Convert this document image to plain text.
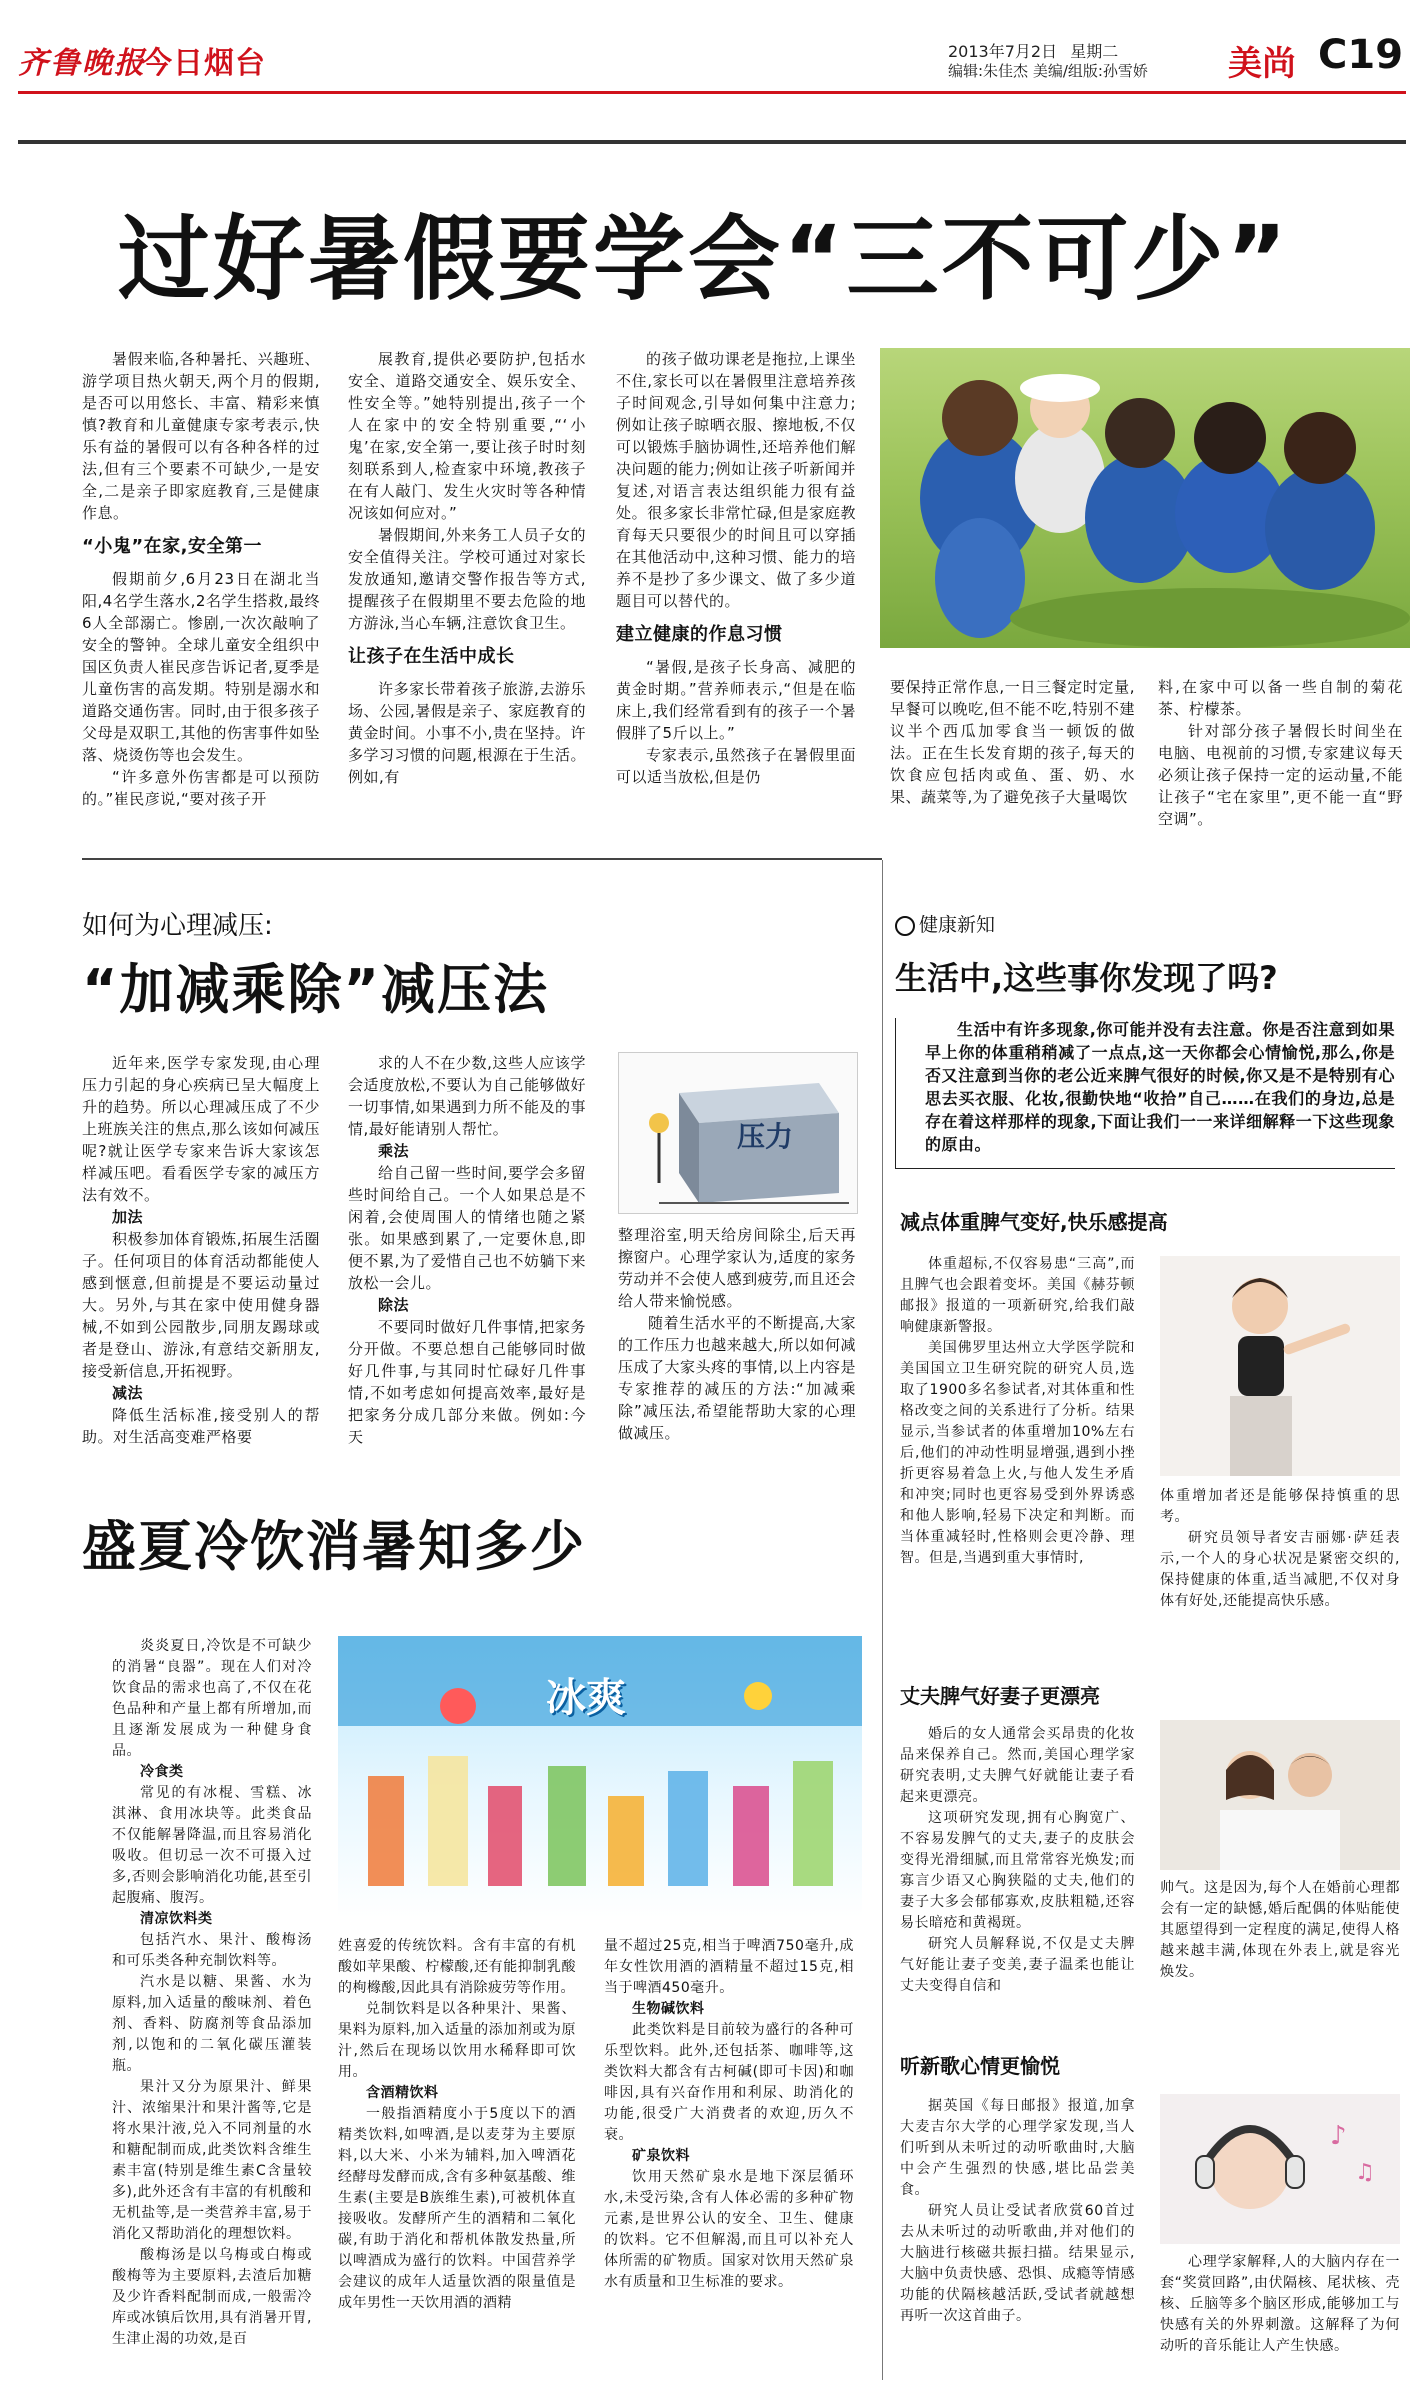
齐鲁晚报
今日烟台	2013年7月2日 星期二
编辑:朱佳杰 美编/组版:孙雪娇 美尚 C19
过好暑假要学会“三不可少”

暑假来临,各种暑托、兴趣班、游学项目热火朝天,两个月的假期,是否可以用悠长、丰富、精彩来慎慎?教育和儿童健康专家考表示,快乐有益的暑假可以有各种各样的过法,但有三个要素不可缺少,一是安全,二是亲子即家庭教育,三是健康作息。

“小鬼”在家,安全第一

假期前夕,6月23日在湖北当阳,4名学生落水,2名学生搭救,最终6人全部溺亡。惨剧,一次次敲响了安全的警钟。全球儿童安全组织中国区负责人崔民彦告诉记者,夏季是儿童伤害的高发期。特别是溺水和道路交通伤害。同时,由于很多孩子父母是双职工,其他的伤害事件如坠落、烧烫伤等也会发生。

“许多意外伤害都是可以预防的。”崔民彦说,“要对孩子开

展教育,提供必要防护,包括水安全、道路交通安全、娱乐安全、性安全等。”她特别提出,孩子一个人在家中的安全特别重要,“‘小鬼’在家,安全第一,要让孩子时时刻刻联系到人,检查家中环境,教孩子在有人敲门、发生火灾时等各种情况该如何应对。”

暑假期间,外来务工人员子女的安全值得关注。学校可通过对家长发放通知,邀请交警作报告等方式,提醒孩子在假期里不要去危险的地方游泳,当心车辆,注意饮食卫生。

让孩子在生活中成长

许多家长带着孩子旅游,去游乐场、公园,暑假是亲子、家庭教育的黄金时间。小事不小,贵在坚持。许多学习习惯的问题,根源在于生活。例如,有

的孩子做功课老是拖拉,上课坐不住,家长可以在暑假里注意培养孩子时间观念,引导如何集中注意力;例如让孩子晾晒衣服、擦地板,不仅可以锻炼手脑协调性,还培养他们解决问题的能力;例如让孩子听新闻并复述,对语言表达组织能力很有益处。很多家长非常忙碌,但是家庭教育每天只要很少的时间且可以穿插在其他活动中,这种习惯、能力的培养不是抄了多少课文、做了多少道题目可以替代的。

建立健康的作息习惯

“暑假,是孩子长身高、减肥的黄金时期。”营养师表示,“但是在临床上,我们经常看到有的孩子一个暑假胖了5斤以上。”

专家表示,虽然孩子在暑假里面可以适当放松,但是仍

要保持正常作息,一日三餐定时定量,早餐可以晚吃,但不能不吃,特别不建议半个西瓜加零食当一顿饭的做法。正在生长发育期的孩子,每天的饮食应包括肉或鱼、蛋、奶、水果、蔬菜等,为了避免孩子大量喝饮

料,在家中可以备一些自制的菊花茶、柠檬茶。

针对部分孩子暑假长时间坐在电脑、电视前的习惯,专家建议每天必须让孩子保持一定的运动量,不能让孩子“宅在家里”,更不能一直“野空调”。

如何为心理减压:
“加减乘除”减压法

近年来,医学专家发现,由心理压力引起的身心疾病已呈大幅度上升的趋势。所以心理减压成了不少上班族关注的焦点,那么该如何减压呢?就让医学专家来告诉大家该怎样减压吧。看看医学专家的减压方法有效不。

加法

积极参加体育锻炼,拓展生活圈子。任何项目的体育活动都能使人感到惬意,但前提是不要运动量过大。另外,与其在家中使用健身器械,不如到公园散步,同朋友踢球或者是登山、游泳,有意结交新朋友,接受新信息,开拓视野。

减法

降低生活标准,接受别人的帮助。对生活高变难严格要

求的人不在少数,这些人应该学会适度放松,不要认为自己能够做好一切事情,如果遇到力所不能及的事情,最好能请别人帮忙。

乘法

给自己留一些时间,要学会多留些时间给自己。一个人如果总是不闲着,会使周围人的情绪也随之紧张。如果感到累了,一定要休息,即便不累,为了爱惜自己也不妨躺下来放松一会儿。

除法

不要同时做好几件事情,把家务分开做。不要总想自己能够同时做好几件事,与其同时忙碌好几件事情,不如考虑如何提高效率,最好是把家务分成几部分来做。例如:今天

压力

整理浴室,明天给房间除尘,后天再擦窗户。心理学家认为,适度的家务劳动并不会使人感到疲劳,而且还会给人带来愉悦感。

随着生活水平的不断提高,大家的工作压力也越来越大,所以如何减压成了大家头疼的事情,以上内容是专家推荐的减压的方法:“加减乘除”减压法,希望能帮助大家的心理做减压。

盛夏冷饮消暑知多少

炎炎夏日,冷饮是不可缺少的消暑“良器”。现在人们对冷饮食品的需求也高了,不仅在花色品种和产量上都有所增加,而且逐渐发展成为一种健身食品。

冷食类

常见的有冰棍、雪糕、冰淇淋、食用冰块等。此类食品不仅能解暑降温,而且容易消化吸收。但切忌一次不可摄入过多,否则会影响消化功能,甚至引起腹痛、腹泻。

清凉饮料类

包括汽水、果汁、酸梅汤和可乐类各种充制饮料等。

汽水是以糖、果酱、水为原料,加入适量的酸味剂、着色剂、香料、防腐剂等食品添加剂,以饱和的二氧化碳压灌装瓶。

果汁又分为原果汁、鲜果汁、浓缩果汁和果汁酱等,它是将水果汁液,兑入不同剂量的水和糖配制而成,此类饮料含维生素丰富(特别是维生素C含量较多),此外还含有丰富的有机酸和无机盐等,是一类营养丰富,易于消化又帮助消化的理想饮料。

酸梅汤是以乌梅或白梅或酸梅等为主要原料,去渣后加糖及少许香料配制而成,一般需冷库或冰镇后饮用,具有消暑开胃,生津止渴的功效,是百

冰爽

姓喜爱的传统饮料。含有丰富的有机酸如苹果酸、柠檬酸,还有能抑制乳酸的枸橼酸,因此具有消除疲劳等作用。

兑制饮料是以各种果汁、果酱、果料为原料,加入适量的添加剂或为原汁,然后在现场以饮用水稀释即可饮用。

含酒精饮料

一般指酒精度小于5度以下的酒精类饮料,如啤酒,是以麦芽为主要原料,以大米、小米为辅料,加入啤酒花经酵母发酵而成,含有多种氨基酸、维生素(主要是B族维生素),可被机体直接吸收。发酵所产生的酒精和二氧化碳,有助于消化和帮机体散发热量,所以啤酒成为盛行的饮料。中国营养学会建议的成年人适量饮酒的限量值是成年男性一天饮用酒的酒精

量不超过25克,相当于啤酒750毫升,成年女性饮用酒的酒精量不超过15克,相当于啤酒450毫升。

生物碱饮料

此类饮料是目前较为盛行的各种可乐型饮料。此外,还包括茶、咖啡等,这类饮料大都含有古柯碱(即可卡因)和咖啡因,具有兴奋作用和利尿、助消化的功能,很受广大消费者的欢迎,历久不衰。

矿泉饮料

饮用天然矿泉水是地下深层循环水,未受污染,含有人体必需的多种矿物元素,是世界公认的安全、卫生、健康的饮料。它不但解渴,而且可以补充人体所需的矿物质。国家对饮用天然矿泉水有质量和卫生标准的要求。

健康新知
生活中,这些事你发现了吗?

生活中有许多现象,你可能并没有去注意。你是否注意到如果早上你的体重稍稍减了一点点,这一天你都会心情愉悦,那么,你是否又注意到当你的老公近来脾气很好的时候,你又是不是特别有心思去买衣服、化妆,很勤快地“收拾”自己……在我们的身边,总是存在着这样那样的现象,下面让我们一一来详细解释一下这些现象的原由。

减点体重脾气变好,快乐感提高

体重超标,不仅容易患“三高”,而且脾气也会跟着变坏。美国《赫芬顿邮报》报道的一项新研究,给我们敲响健康新警报。

美国佛罗里达州立大学医学院和美国国立卫生研究院的研究人员,选取了1900多名参试者,对其体重和性格改变之间的关系进行了分析。结果显示,当参试者的体重增加10%左右后,他们的冲动性明显增强,遇到小挫折更容易着急上火,与他人发生矛盾和冲突;同时也更容易受到外界诱惑和他人影响,轻易下决定和判断。而当体重减轻时,性格则会更冷静、理智。但是,当遇到重大事情时,

体重增加者还是能够保持慎重的思考。

研究员领导者安吉丽娜·萨廷表示,一个人的身心状况是紧密交织的,保持健康的体重,适当减肥,不仅对身体有好处,还能提高快乐感。

丈夫脾气好妻子更漂亮

婚后的女人通常会买昂贵的化妆品来保养自己。然而,美国心理学家研究表明,丈夫脾气好就能让妻子看起来更漂亮。

这项研究发现,拥有心胸宽广、不容易发脾气的丈夫,妻子的皮肤会变得光滑细腻,而且常常容光焕发;而寡言少语又心胸狭隘的丈夫,他们的妻子大多会郁郁寡欢,皮肤粗糙,还容易长暗疮和黄褐斑。

研究人员解释说,不仅是丈夫脾气好能让妻子变美,妻子温柔也能让丈夫变得自信和

帅气。这是因为,每个人在婚前心理都会有一定的缺憾,婚后配偶的体贴能使其愿望得到一定程度的满足,使得人格越来越丰满,体现在外表上,就是容光焕发。

听新歌心情更愉悦

据英国《每日邮报》报道,加拿大麦吉尔大学的心理学家发现,当人们听到从未听过的动听歌曲时,大脑中会产生强烈的快感,堪比品尝美食。

研究人员让受试者欣赏60首过去从未听过的动听歌曲,并对他们的大脑进行核磁共振扫描。结果显示,大脑中负责快感、恐惧、成瘾等情感功能的伏隔核越活跃,受试者就越想再听一次这首曲子。

♪
♫

心理学家解释,人的大脑内存在一套“奖赏回路”,由伏隔核、尾状核、壳核、丘脑等多个脑区形成,能够加工与快感有关的外界刺激。这解释了为何动听的音乐能让人产生快感。
